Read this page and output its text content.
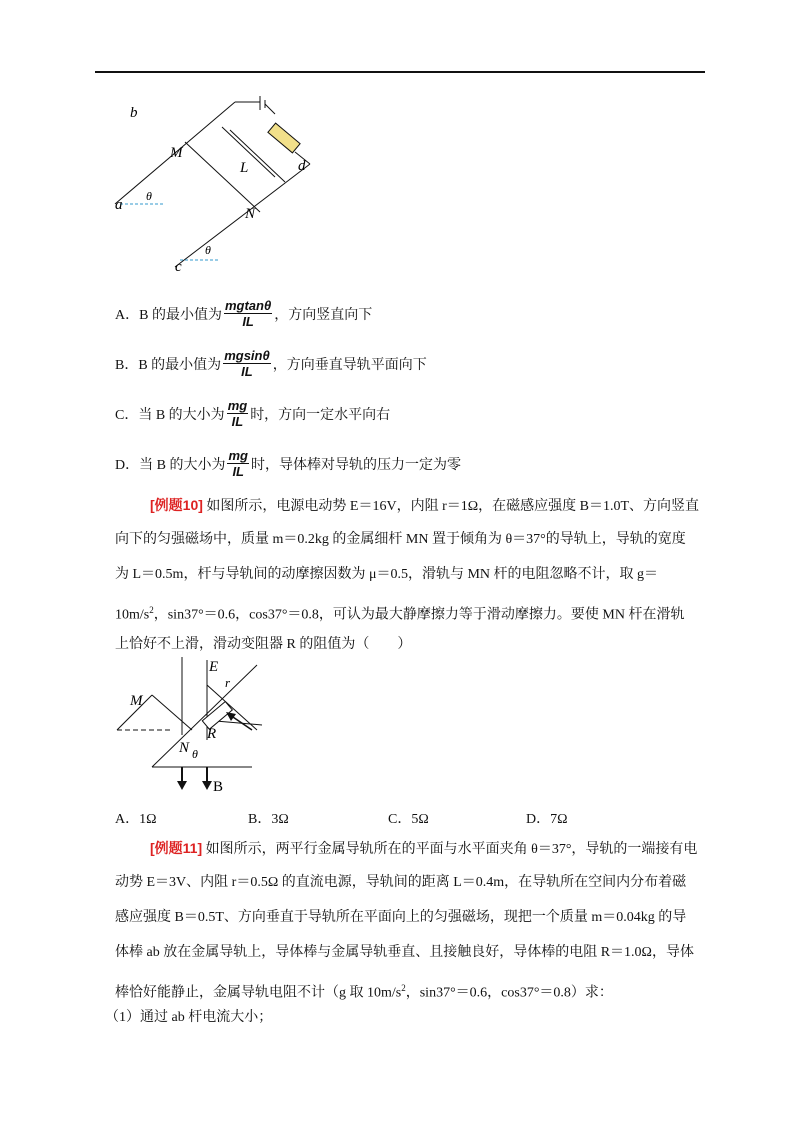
b
M
L	d
a
θ
N
c
θ
A． B 的最小值为 $\frac{mgtan\theta}{IL}$ ，方向竖直向下
B． B 的最小值为 $\frac{mgsin\theta}{IL}$ ，方向垂直导轨平面向下
C． 当 B 的大小为 $\frac{mg}{IL}$ 时，方向一定水平向右
D． 当 B 的大小为 $\frac{mg}{IL}$ 时，导体棒对导轨的压力一定为零
[例题10] 如图所示，电源电动势 E＝16V，内阻 r＝1Ω，在磁感应强度 B＝1.0T、方向竖直
向下的匀强磁场中，质量 m＝0.2kg 的金属细杆 MN 置于倾角为 θ＝37°的导轨上，导轨的宽度
为 L＝0.5m，杆与导轨间的动摩擦因数为 μ＝0.5，滑轨与 MN 杆的电阻忽略不计，取 g＝
$10m/s^2$，sin37°＝0.6，cos37°＝0.8，可认为最大静摩擦力等于滑动摩擦力。要使 MN 杆在滑轨
上恰好不上滑，滑动变阻器 R 的阻值为（　　）
E
r
M
R
N θ
B
A．1Ω	B．3Ω	C．5Ω	D．7Ω
[例题11] 如图所示，两平行金属导轨所在的平面与水平面夹角 θ＝37°，导轨的一端接有电
动势 E＝3V、内阻 r＝0.5Ω 的直流电源，导轨间的距离 L＝0.4m，在导轨所在空间内分布着磁
感应强度 B＝0.5T、方向垂直于导轨所在平面向上的匀强磁场，现把一个质量 m＝0.04kg 的导
体棒 ab 放在金属导轨上，导体棒与金属导轨垂直、且接触良好，导体棒的电阻 R＝1.0Ω，导体
棒恰好能静止，金属导轨电阻不计（g 取 $10m/s^2$，sin37°＝0.6，cos37°＝0.8）求：
（1）通过 ab 杆电流大小；
